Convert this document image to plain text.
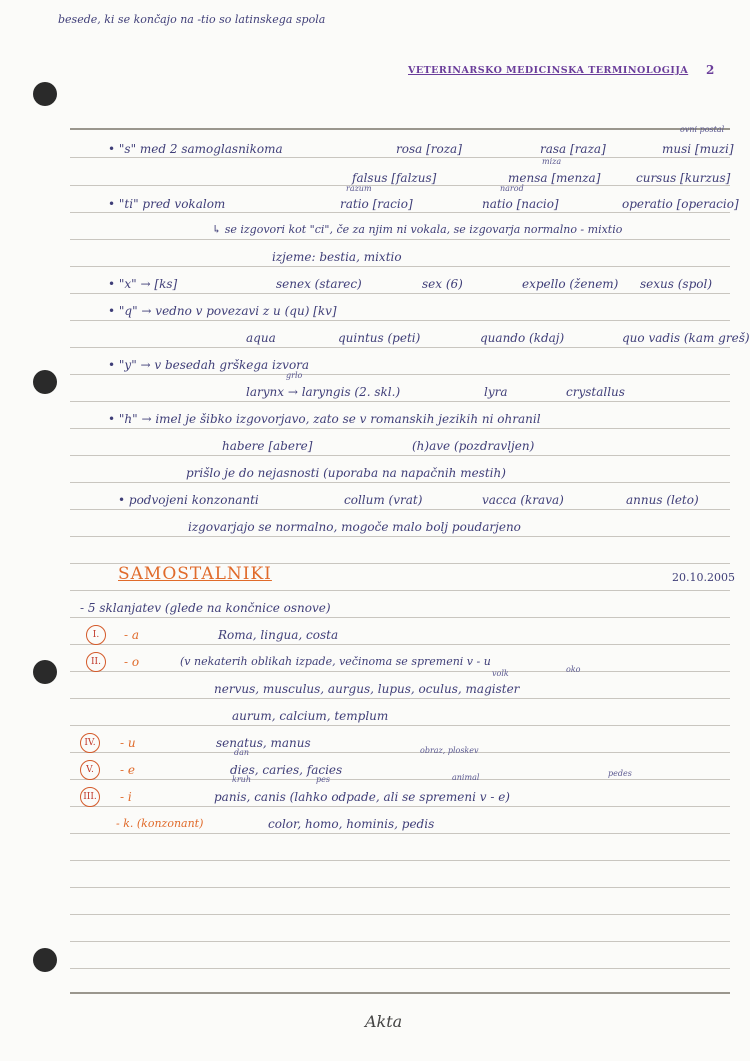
besede, ki se končajo na -tio so latinskega spola
VETERINARSKO MEDICINSKA TERMINOLOGIJA 2
ovni postal
• "s" med 2 samoglasnikoma	rosa [roza]	rasa [raza]	musi [muzi]
miza
falsus [falzus]	mensa [menza]	cursus [kurzus]
razum	narod
• "ti" pred vokalom	ratio [racio]	natio [nacio]	operatio [operacio]
↳ se izgovori kot "ci", če za njim ni vokala, se izgovarja normalno - mixtio
izjeme: bestia, mixtio
• "x" → [ks]	senex (starec)	sex (6)	expello (ženem) sexus (spol)
• "q" → vedno v povezavi z u (qu) [kv]
aqua	quintus (peti)	quando (kdaj)	quo vadis (kam greš)
• "y" → v besedah grškega izvora
grlo
larynx → laryngis (2. skl.)	lyra	crystallus
• "h" → imel je šibko izgovorjavo, zato se v romanskih jezikih ni ohranil
habere [abere]	(h)ave (pozdravljen)
prišlo je do nejasnosti (uporaba na napačnih mestih)
• podvojeni konzonanti	collum (vrat)	vacca (krava)	annus (leto)
izgovarjajo se normalno, mogoče malo bolj poudarjeno
SAMOSTALNIKI	20.10.2005
- 5 sklanjatev (glede na končnice osnove)
I.	- a	Roma, lingua, costa
II.	- o	(v nekaterih oblikah izpade, večinoma se spremeni v - u
volk	oko
nervus, musculus, aurgus, lupus, oculus, magister
aurum, calcium, templum
IV.	- u	senatus, manus
dan	obraz, ploskev
V.	- e	dies, caries, facies
kruh	pes	animal	pedes
III. - i	panis, canis (lahko odpade, ali se spremeni v - e)
- k. (konzonant)	color, homo, hominis, pedis
Akta
